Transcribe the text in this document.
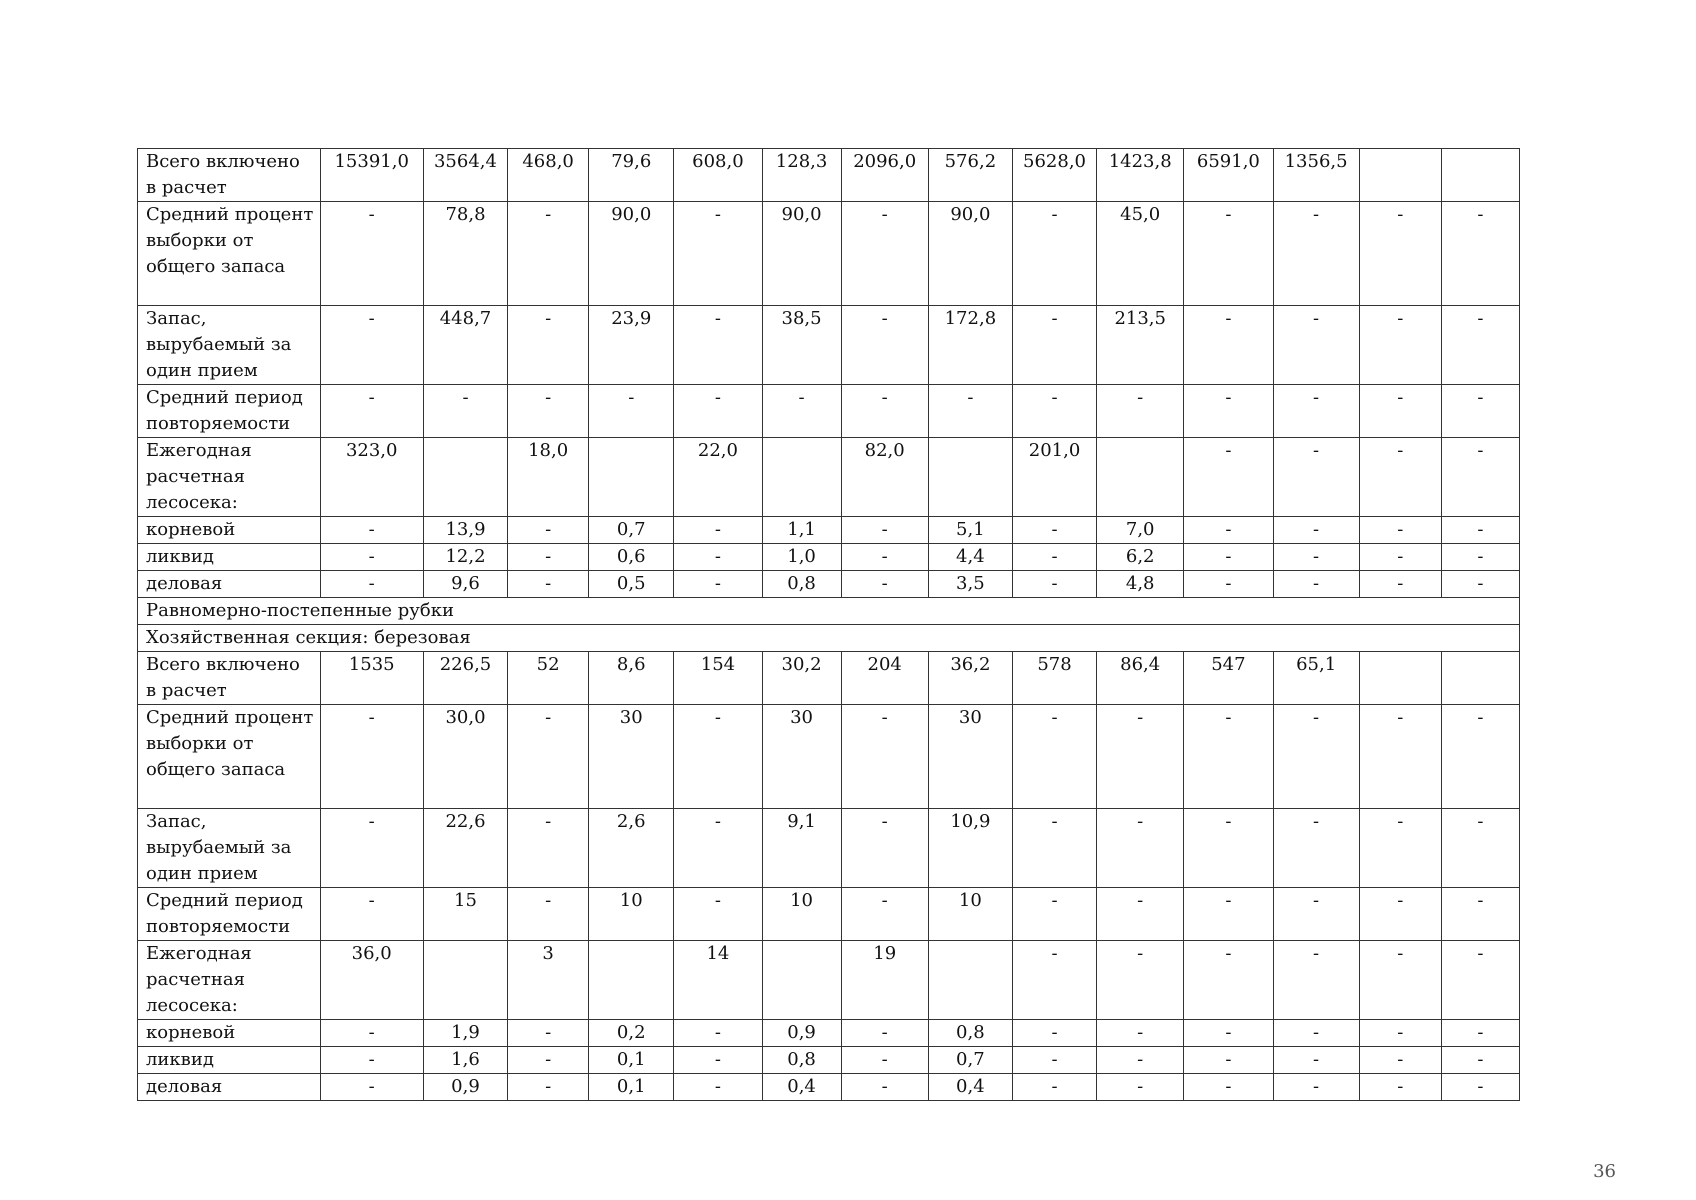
Всего включено в расчет	15391,0	3564,4	468,0	79,6	608,0	128,3	2096,0	576,2	5628,0	1423,8	6591,0	1356,5		
Средний процент выборки от общего запаса	-	78,8	-	90,0	-	90,0	-	90,0	-	45,0	-	-	-	-
Запас, вырубаемый за один прием	-	448,7	-	23,9	-	38,5	-	172,8	-	213,5	-	-	-	-
Средний период повторяемости	-	-	-	-	-	-	-	-	-	-	-	-	-	-
Ежегодная расчетная лесосека:	323,0		18,0		22,0		82,0		201,0		-	-	-	-
корневой	-	13,9	-	0,7	-	1,1	-	5,1	-	7,0	-	-	-	-
ликвид	-	12,2	-	0,6	-	1,0	-	4,4	-	6,2	-	-	-	-
деловая	-	9,6	-	0,5	-	0,8	-	3,5	-	4,8	-	-	-	-
Равномерно-постепенные рубки														
Хозяйственная секция: березовая														
Всего включено в расчет	1535	226,5	52	8,6	154	30,2	204	36,2	578	86,4	547	65,1		
Средний процент выборки от общего запаса	-	30,0	-	30	-	30	-	30	-	-	-	-	-	-
Запас, вырубаемый за один прием	-	22,6	-	2,6	-	9,1	-	10,9	-	-	-	-	-	-
Средний период повторяемости	-	15	-	10	-	10	-	10	-	-	-	-	-	-
Ежегодная расчетная лесосека:	36,0		3		14		19		-	-	-	-	-	-
корневой	-	1,9	-	0,2	-	0,9	-	0,8	-	-	-	-	-	-
ликвид	-	1,6	-	0,1	-	0,8	-	0,7	-	-	-	-	-	-
деловая	-	0,9	-	0,1	-	0,4	-	0,4	-	-	-	-	-	-
36
